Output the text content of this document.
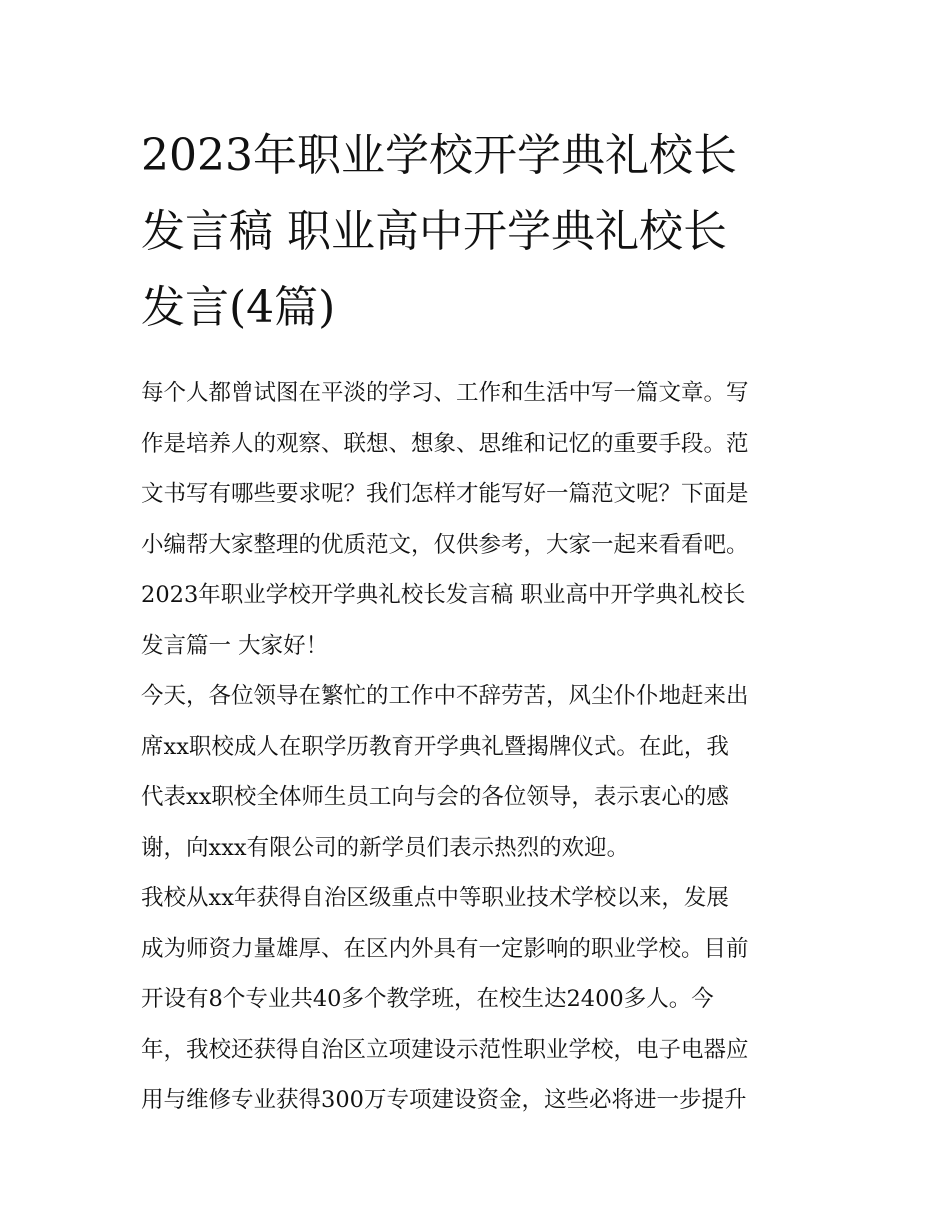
2023年职业学校开学典礼校长
发言稿 职业高中开学典礼校长
发言(4篇)
每个人都曾试图在平淡的学习、工作和生活中写一篇文章。写
作是培养人的观察、联想、想象、思维和记忆的重要手段。范
文书写有哪些要求呢？我们怎样才能写好一篇范文呢？下面是
小编帮大家整理的优质范文，仅供参考，大家一起来看看吧。
2023年职业学校开学典礼校长发言稿 职业高中开学典礼校长
发言篇一 大家好！
今天，各位领导在繁忙的工作中不辞劳苦，风尘仆仆地赶来出
席xx职校成人在职学历教育开学典礼暨揭牌仪式。在此，我
代表xx职校全体师生员工向与会的各位领导，表示衷心的感
谢，向xxx有限公司的新学员们表示热烈的欢迎。
我校从xx年获得自治区级重点中等职业技术学校以来，发展
成为师资力量雄厚、在区内外具有一定影响的职业学校。目前
开设有8个专业共40多个教学班，在校生达2400多人。今
年，我校还获得自治区立项建设示范性职业学校，电子电器应
用与维修专业获得300万专项建设资金，这些必将进一步提升
